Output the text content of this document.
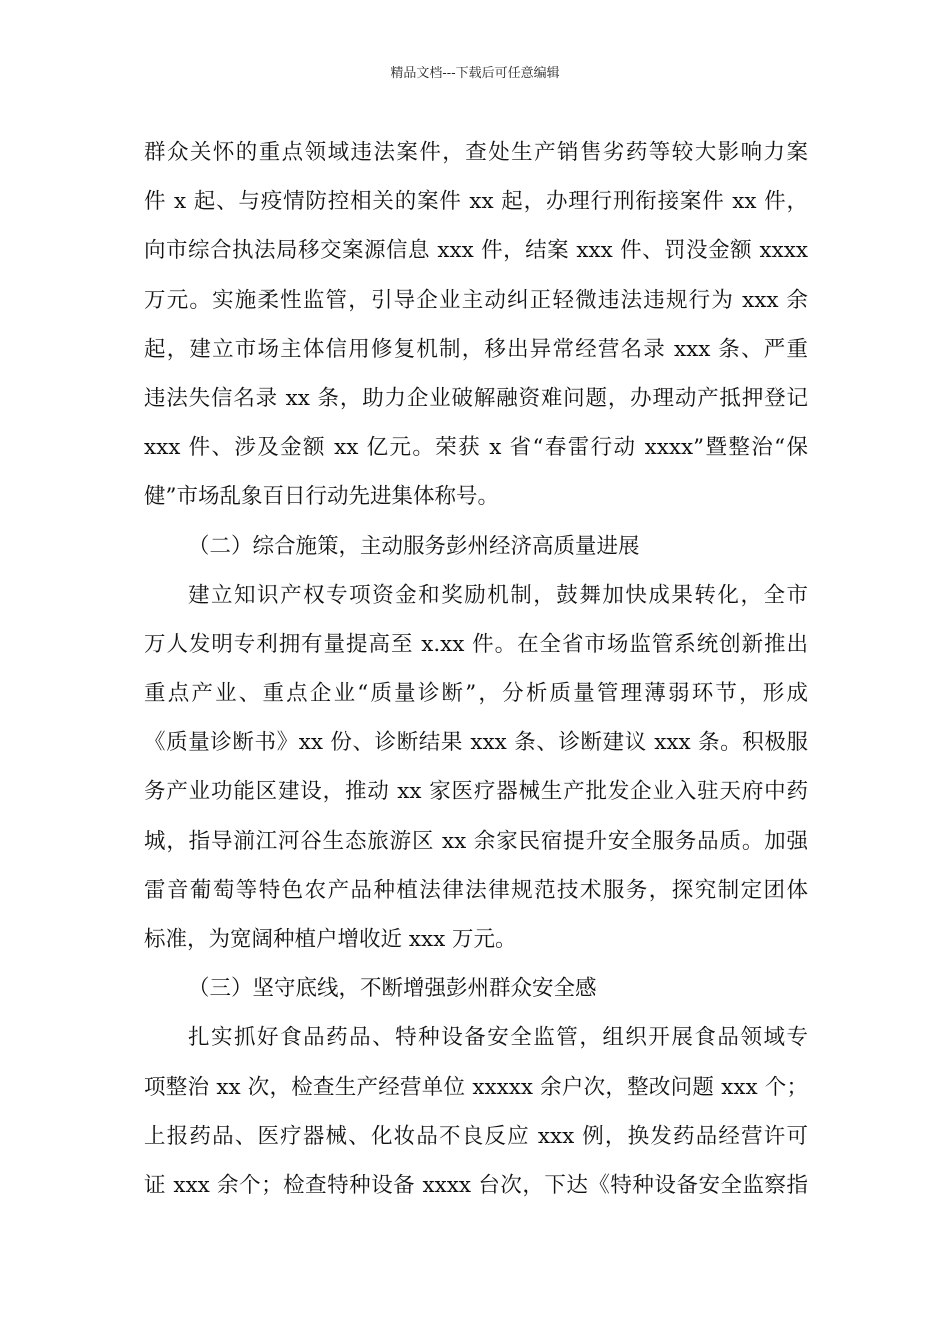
精品文档---下载后可任意编辑
群众关怀的重点领域违法案件，查处生产销售劣药等较大影响力案
件 x 起、与疫情防控相关的案件 xx 起，办理行刑衔接案件 xx 件，
向市综合执法局移交案源信息 xxx 件，结案 xxx 件、罚没金额 xxxx
万元。实施柔性监管，引导企业主动纠正轻微违法违规行为 xxx 余
起，建立市场主体信用修复机制，移出异常经营名录 xxx 条、严重
违法失信名录 xx 条，助力企业破解融资难问题，办理动产抵押登记
xxx 件、涉及金额 xx 亿元。荣获 x 省“春雷行动 xxxx”暨整治“保
健”市场乱象百日行动先进集体称号。
（二）综合施策，主动服务彭州经济高质量进展
建立知识产权专项资金和奖励机制，鼓舞加快成果转化，全市
万人发明专利拥有量提高至 x.xx 件。在全省市场监管系统创新推出
重点产业、重点企业“质量诊断”，分析质量管理薄弱环节，形成
《质量诊断书》xx 份、诊断结果 xxx 条、诊断建议 xxx 条。积极服
务产业功能区建设，推动 xx 家医疗器械生产批发企业入驻天府中药
城，指导湔江河谷生态旅游区 xx 余家民宿提升安全服务品质。加强
雷音葡萄等特色农产品种植法律法律规范技术服务，探究制定团体
标准，为宽阔种植户增收近 xxx 万元。
（三）坚守底线，不断增强彭州群众安全感
扎实抓好食品药品、特种设备安全监管，组织开展食品领域专
项整治 xx 次，检查生产经营单位 xxxxx 余户次，整改问题 xxx 个；
上报药品、医疗器械、化妆品不良反应 xxx 例，换发药品经营许可
证 xxx 余个；检查特种设备 xxxx 台次，下达《特种设备安全监察指
